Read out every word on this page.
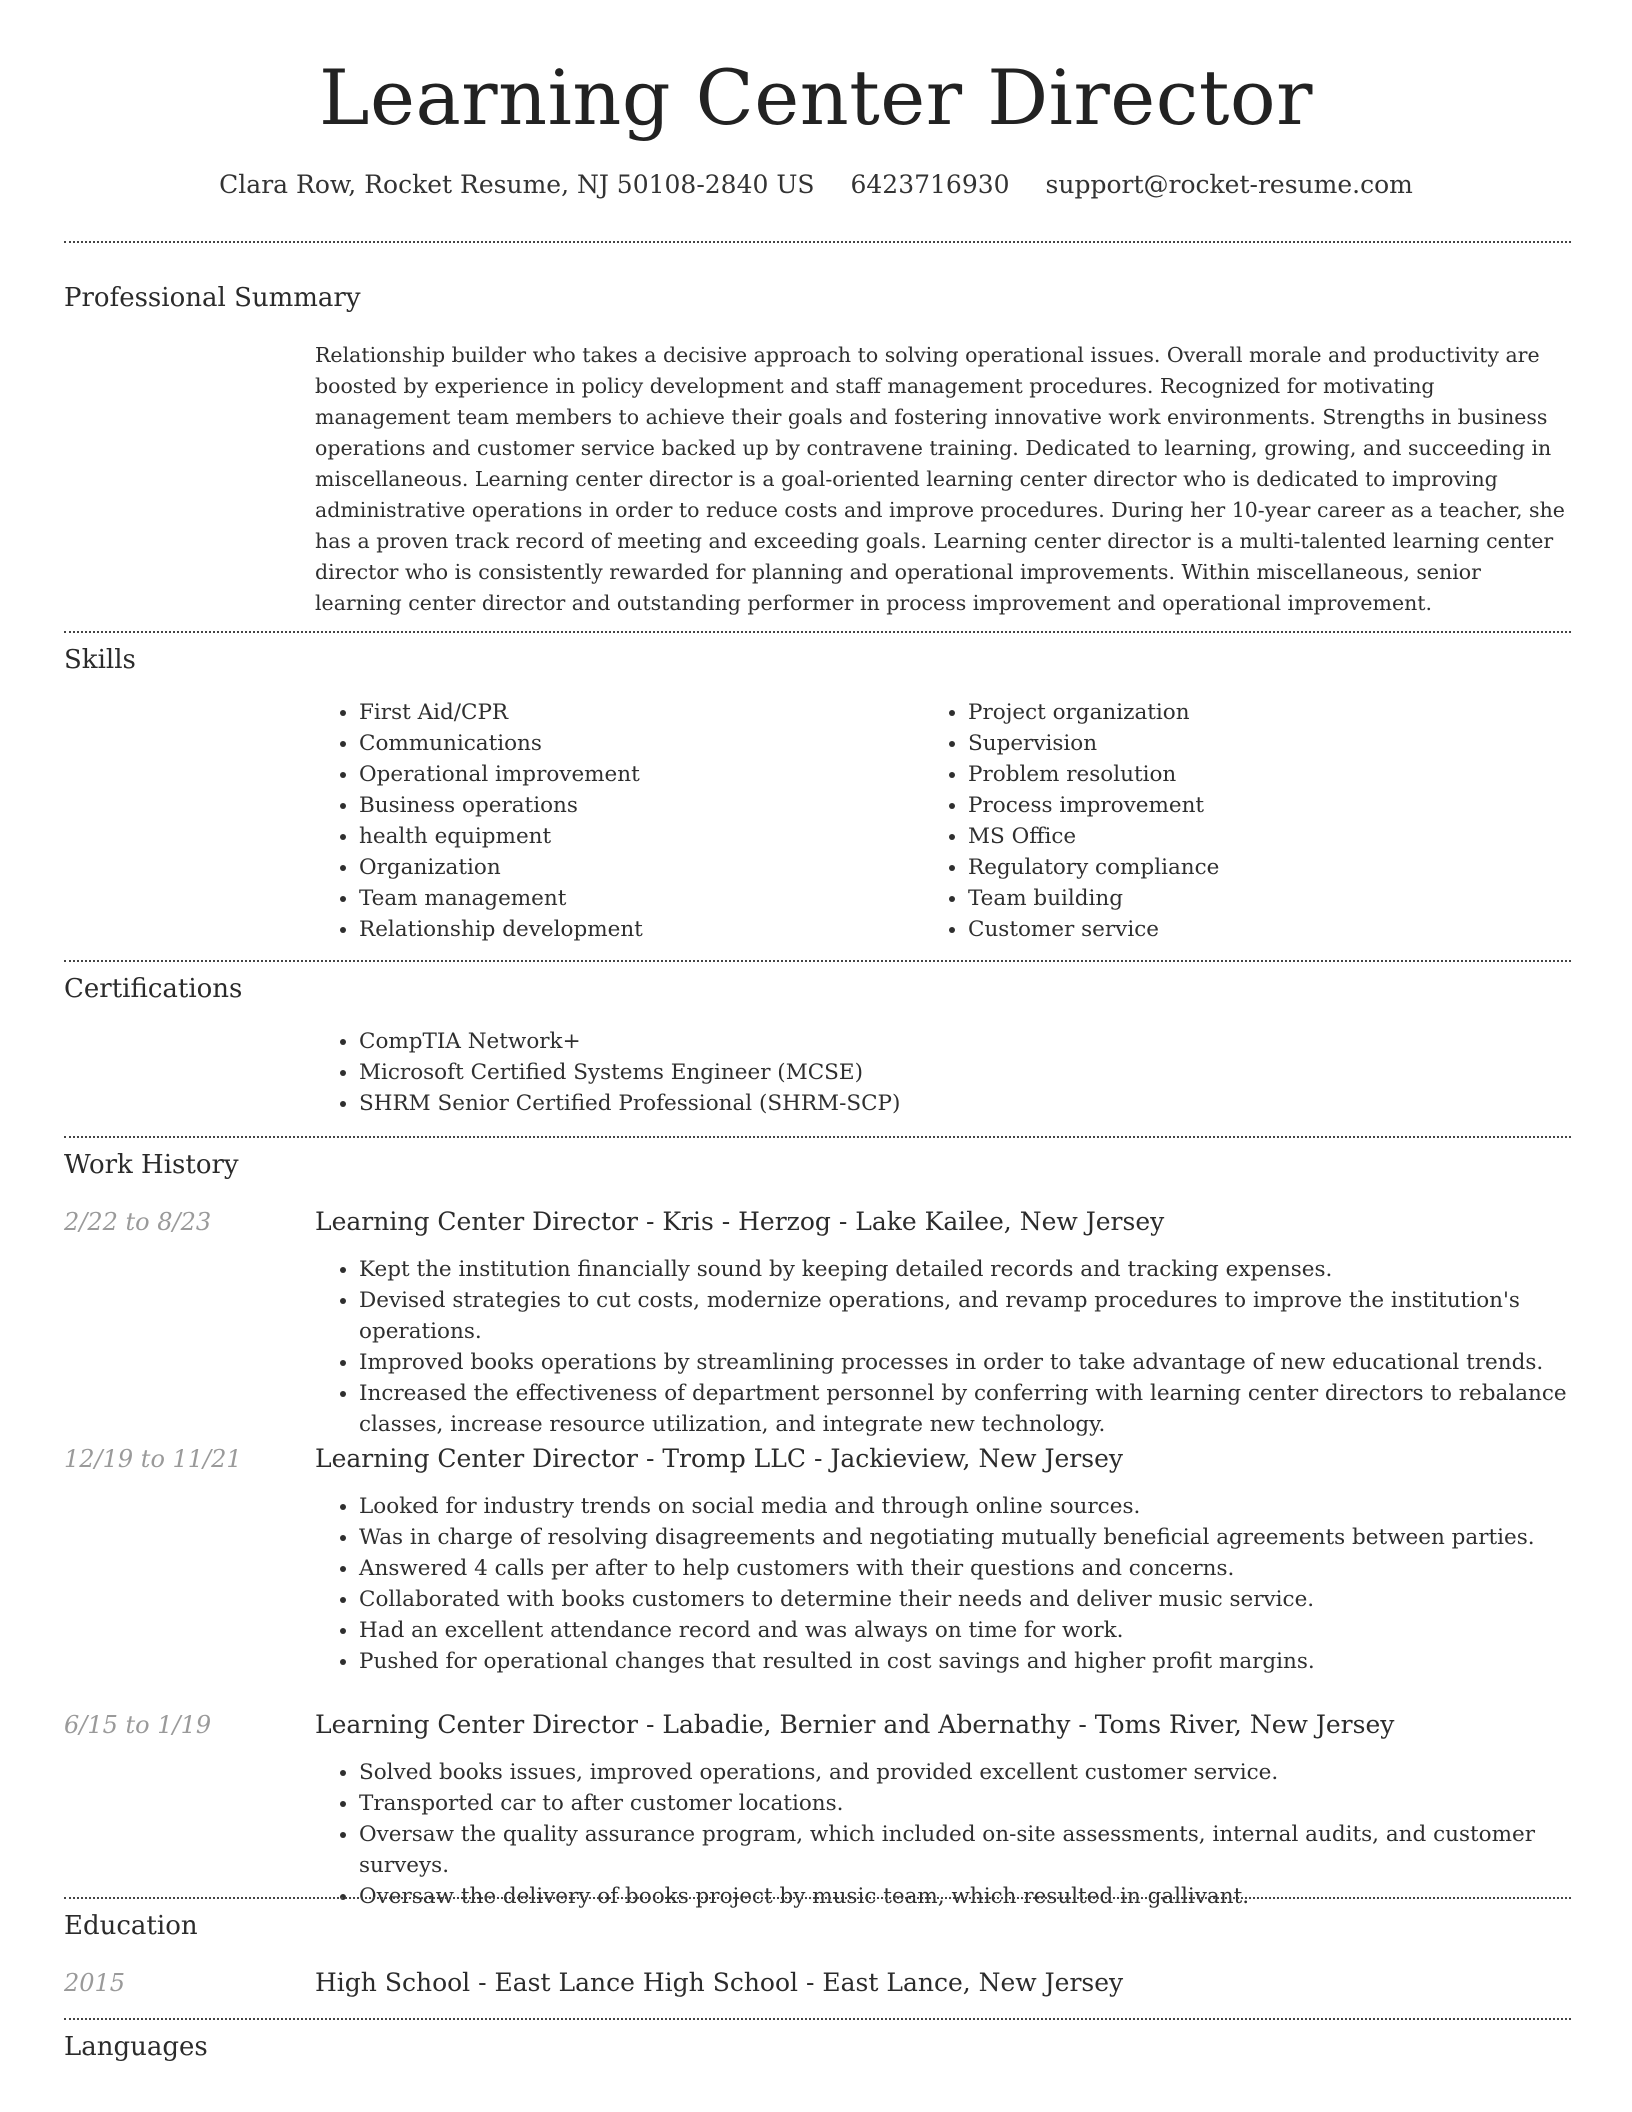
Learning Center Director
Clara Row, Rocket Resume, NJ 50108-2840 US 6423716930 support@rocket-resume.com
Professional Summary
Relationship builder who takes a decisive approach to solving operational issues. Overall morale and productivity are boosted by experience in policy development and staff management procedures. Recognized for motivating management team members to achieve their goals and fostering innovative work environments. Strengths in business operations and customer service backed up by contravene training. Dedicated to learning, growing, and succeeding in miscellaneous. Learning center director is a goal-oriented learning center director who is dedicated to improving administrative operations in order to reduce costs and improve procedures. During her 10-year career as a teacher, she has a proven track record of meeting and exceeding goals. Learning center director is a multi-talented learning center director who is consistently rewarded for planning and operational improvements. Within miscellaneous, senior learning center director and outstanding performer in process improvement and operational improvement.
Skills
• First Aid/CPR
• Communications
• Operational improvement
• Business operations
• health equipment
• Organization
• Team management
• Relationship development
• Project organization
• Supervision
• Problem resolution
• Process improvement
• MS Office
• Regulatory compliance
• Team building
• Customer service
Certifications
• CompTIA Network+
• Microsoft Certified Systems Engineer (MCSE)
• SHRM Senior Certified Professional (SHRM-SCP)
Work History
2/22 to 8/23	Learning Center Director - Kris - Herzog - Lake Kailee, New Jersey
• Kept the institution financially sound by keeping detailed records and tracking expenses.
• Devised strategies to cut costs, modernize operations, and revamp procedures to improve the institution's operations.
• Improved books operations by streamlining processes in order to take advantage of new educational trends.
• Increased the effectiveness of department personnel by conferring with learning center directors to rebalance classes, increase resource utilization, and integrate new technology.
12/19 to 11/21	Learning Center Director - Tromp LLC - Jackieview, New Jersey
• Looked for industry trends on social media and through online sources.
• Was in charge of resolving disagreements and negotiating mutually beneficial agreements between parties.
• Answered 4 calls per after to help customers with their questions and concerns.
• Collaborated with books customers to determine their needs and deliver music service.
• Had an excellent attendance record and was always on time for work.
• Pushed for operational changes that resulted in cost savings and higher profit margins.
6/15 to 1/19	Learning Center Director - Labadie, Bernier and Abernathy - Toms River, New Jersey
• Solved books issues, improved operations, and provided excellent customer service.
• Transported car to after customer locations.
• Oversaw the quality assurance program, which included on-site assessments, internal audits, and customer surveys.
• Oversaw the delivery of books project by music team, which resulted in gallivant.
Education
2015	High School - East Lance High School - East Lance, New Jersey
Languages
